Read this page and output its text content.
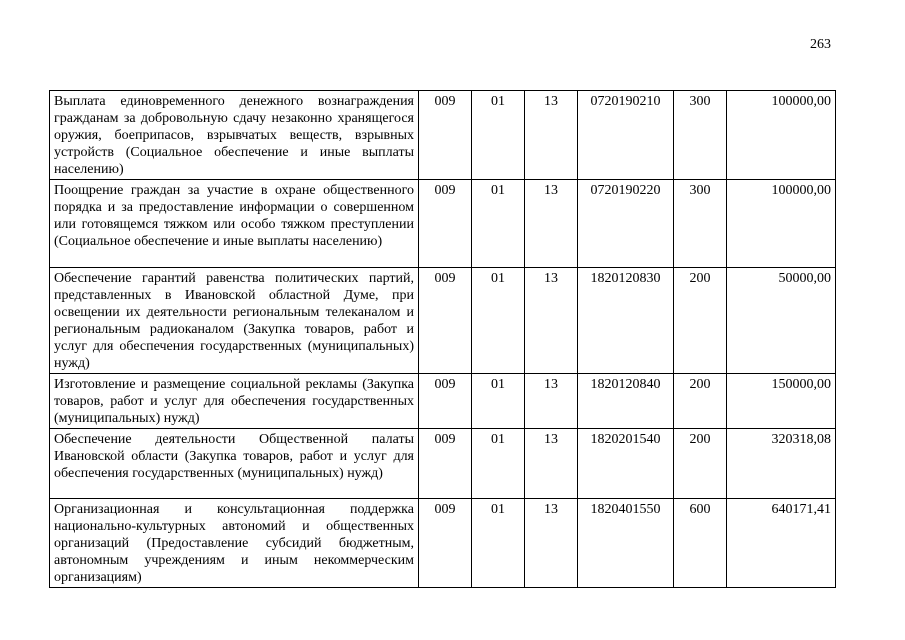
263
Выплата единовременного денежного вознаграждения гражданам за добровольную сдачу незаконно хранящегося оружия, боеприпасов, взрывчатых веществ, взрывных устройств (Социальное обеспечение и иные выплаты населению)	009	01	13	0720190210	300	100000,00
Поощрение граждан за участие в охране общественного порядка и за предоставление информации о совершенном или готовящемся тяжком или особо тяжком преступлении (Социальное обеспечение и иные выплаты населению)	009	01	13	0720190220	300	100000,00
Обеспечение гарантий равенства политических партий, представленных в Ивановской областной Думе, при освещении их деятельности региональным телеканалом и региональным радиоканалом (Закупка товаров, работ и услуг для обеспечения государственных (муниципальных) нужд)	009	01	13	1820120830	200	50000,00
Изготовление и размещение социальной рекламы (Закупка товаров, работ и услуг для обеспечения государственных (муниципальных) нужд)	009	01	13	1820120840	200	150000,00
Обеспечение деятельности Общественной палаты Ивановской области (Закупка товаров, работ и услуг для обеспечения государственных (муниципальных) нужд)	009	01	13	1820201540	200	320318,08
Организационная и консультационная поддержка национально-культурных автономий и общественных организаций (Предоставление субсидий бюджетным, автономным учреждениям и иным некоммерческим организациям)	009	01	13	1820401550	600	640171,41
